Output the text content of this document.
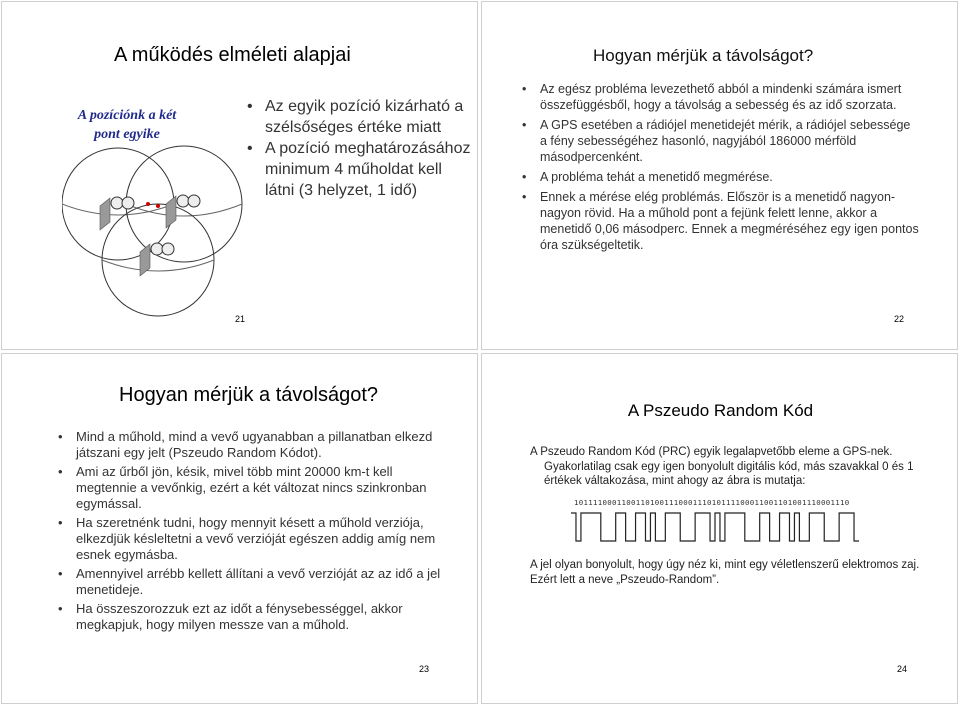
A működés elméleti alapjai
A pozíciónk a két pont egyike
• Az egyik pozíció kizárható a szélsőséges értéke miatt
• A pozíció meghatározásához minimum 4 műholdat kell látni (3 helyzet, 1 idő)
21
Hogyan mérjük a távolságot?
• Az egész probléma levezethető abból a mindenki számára ismert összefüggésből, hogy a távolság a sebesség és az idő szorzata.
• A GPS esetében a rádiójel menetidejét mérik, a rádiójel sebessége a fény sebességéhez hasonló, nagyjából 186000 mérföld másodpercenként.
• A probléma tehát a menetidő megmérése.
• Ennek a mérése elég problémás. Először is a menetidő nagyon-nagyon rövid. Ha a műhold pont a fejünk felett lenne, akkor a menetidő 0,06 másodperc. Ennek a megméréséhez egy igen pontos óra szükségeltetik.
22
Hogyan mérjük a távolságot?
• Mind a műhold, mind a vevő ugyanabban a pillanatban elkezd játszani egy jelt (Pszeudo Random Kódot).
• Ami az űrből jön, késik, mivel több mint 20000 km-t kell megtennie a vevőnkig, ezért a két változat nincs szinkronban egymással.
• Ha szeretnénk tudni, hogy mennyit késett a műhold verziója, elkezdjük késleltetni a vevő verzióját egészen addig amíg nem esnek egymásba.
• Amennyivel arrébb kellett állítani a vevő verzióját az az idő a jel menetideje.
• Ha összeszorozzuk ezt az időt a fénysebességgel, akkor megkapjuk, hogy milyen messze van a műhold.
23
A Pszeudo Random Kód
A Pszeudo Random Kód (PRC) egyik legalapvetőbb eleme a GPS-nek.
Gyakorlatilag csak egy igen bonyolult digitális kód, más szavakkal 0 és 1 értékek váltakozása, mint ahogy az ábra is mutatja:
1011110001100110100111000111010111100011001101001110001110
A jel olyan bonyolult, hogy úgy néz ki, mint egy véletlenszerű elektromos zaj. Ezért lett a neve „Pszeudo-Random”.
24
